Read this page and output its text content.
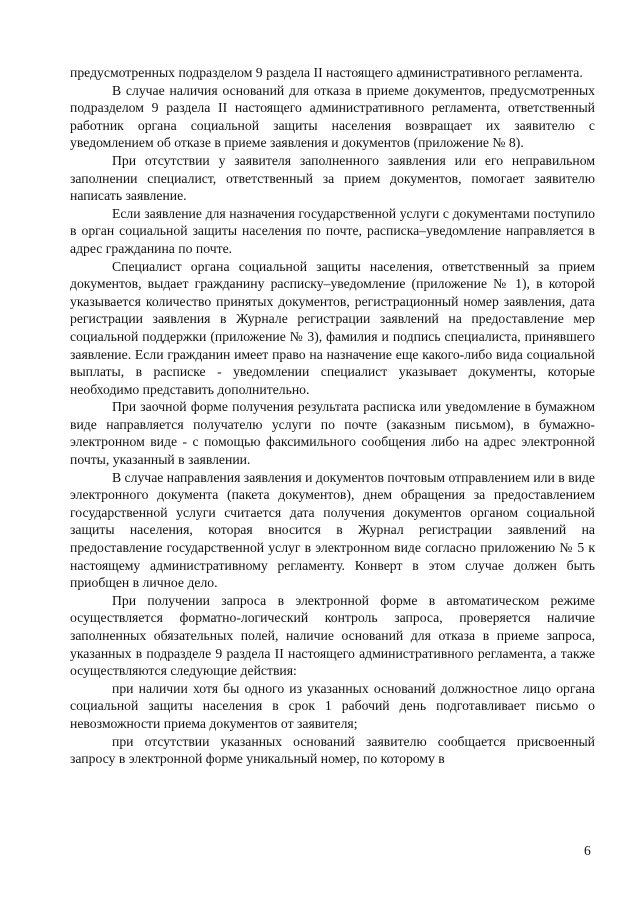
предусмотренных подразделом 9 раздела II настоящего административного регламента.

В случае наличия оснований для отказа в приеме документов, предусмотренных подразделом 9 раздела II настоящего административного регламента, ответственный работник органа социальной защиты населения возвращает их заявителю с уведомлением об отказе в приеме заявления и документов (приложение № 8).

При отсутствии у заявителя заполненного заявления или его неправильном заполнении специалист, ответственный за прием документов, помогает заявителю написать заявление.

Если заявление для назначения государственной услуги с документами поступило в орган социальной защиты населения по почте, расписка–уведомление направляется в адрес гражданина по почте.

Специалист органа социальной защиты населения, ответственный за прием документов, выдает гражданину расписку–уведомление (приложение № 1), в которой указывается количество принятых документов, регистрационный номер заявления, дата регистрации заявления в Журнале регистрации заявлений на предоставление мер социальной поддержки (приложение № 3), фамилия и подпись специалиста, принявшего заявление. Если гражданин имеет право на назначение еще какого-либо вида социальной выплаты, в расписке - уведомлении специалист указывает документы, которые необходимо представить дополнительно.

При заочной форме получения результата расписка или уведомление в бумажном виде направляется получателю услуги по почте (заказным письмом), в бумажно-электронном виде - с помощью факсимильного сообщения либо на адрес электронной почты, указанный в заявлении.

В случае направления заявления и документов почтовым отправлением или в виде электронного документа (пакета документов), днем обращения за предоставлением государственной услуги считается дата получения документов органом социальной защиты населения, которая вносится в Журнал регистрации заявлений на предоставление государственной услуг в электронном виде согласно приложению № 5 к настоящему административному регламенту. Конверт в этом случае должен быть приобщен в личное дело.

При получении запроса в электронной форме в автоматическом режиме осуществляется форматно-логический контроль запроса, проверяется наличие заполненных обязательных полей, наличие оснований для отказа в приеме запроса, указанных в подразделе 9 раздела II настоящего административного регламента, а также осуществляются следующие действия:

при наличии хотя бы одного из указанных оснований должностное лицо органа социальной защиты населения в срок 1 рабочий день подготавливает письмо о невозможности приема документов от заявителя;

при отсутствии указанных оснований заявителю сообщается присвоенный запросу в электронной форме уникальный номер, по которому в

6
